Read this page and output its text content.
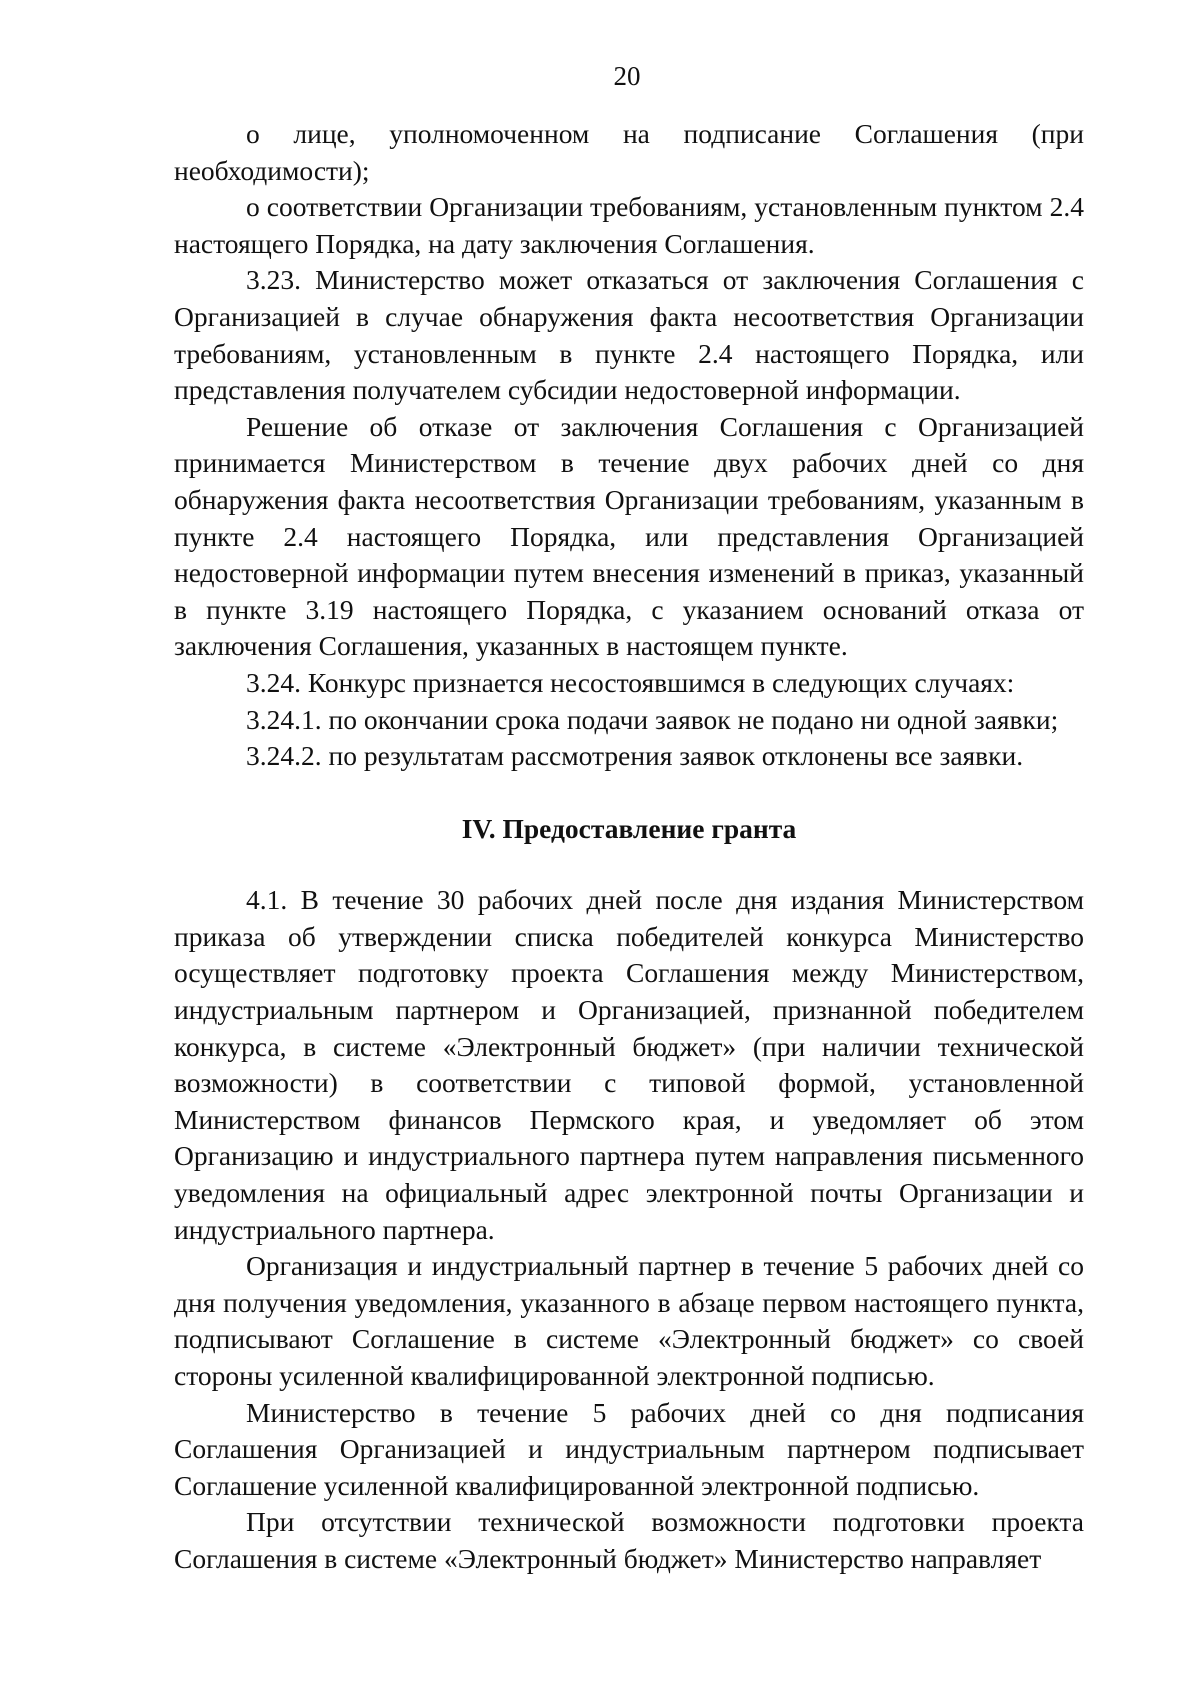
20

о лице, уполномоченном на подписание Соглашения (при необходимости);

о соответствии Организации требованиям, установленным пунктом 2.4 настоящего Порядка, на дату заключения Соглашения.

3.23. Министерство может отказаться от заключения Соглашения с Организацией в случае обнаружения факта несоответствия Организации требованиям, установленным в пункте 2.4 настоящего Порядка, или представления получателем субсидии недостоверной информации.

Решение об отказе от заключения Соглашения с Организацией принимается Министерством в течение двух рабочих дней со дня обнаружения факта несоответствия Организации требованиям, указанным в пункте 2.4 настоящего Порядка, или представления Организацией недостоверной информации путем внесения изменений в приказ, указанный в пункте 3.19 настоящего Порядка, с указанием оснований отказа от заключения Соглашения, указанных в настоящем пункте.

3.24. Конкурс признается несостоявшимся в следующих случаях:

3.24.1. по окончании срока подачи заявок не подано ни одной заявки;

3.24.2. по результатам рассмотрения заявок отклонены все заявки.

IV. Предоставление гранта

4.1. В течение 30 рабочих дней после дня издания Министерством приказа об утверждении списка победителей конкурса Министерство осуществляет подготовку проекта Соглашения между Министерством, индустриальным партнером и Организацией, признанной победителем конкурса, в системе «Электронный бюджет» (при наличии технической возможности) в соответствии с типовой формой, установленной Министерством финансов Пермского края, и уведомляет об этом Организацию и индустриального партнера путем направления письменного уведомления на официальный адрес электронной почты Организации и индустриального партнера.

Организация и индустриальный партнер в течение 5 рабочих дней со дня получения уведомления, указанного в абзаце первом настоящего пункта, подписывают Соглашение в системе «Электронный бюджет» со своей стороны усиленной квалифицированной электронной подписью.

Министерство в течение 5 рабочих дней со дня подписания Соглашения Организацией и индустриальным партнером подписывает Соглашение усиленной квалифицированной электронной подписью.

При отсутствии технической возможности подготовки проекта Соглашения в системе «Электронный бюджет» Министерство направляет
